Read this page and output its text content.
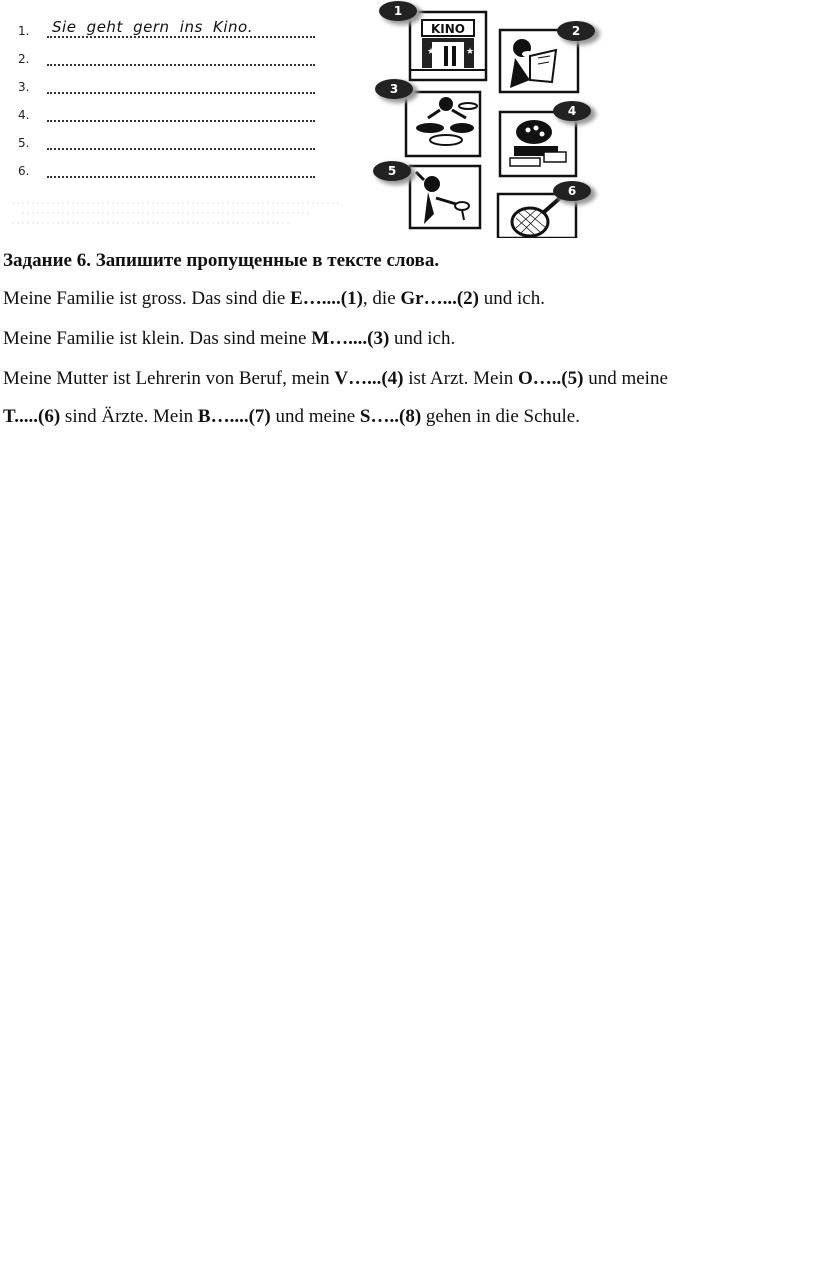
1. Sie geht gern ins Kino.
2.
3.
4.
5.
6.
KINO
★	★
1
2
3
4
5
6
Задание 6. Запишите пропущенные в тексте слова.
Meine Familie ist gross. Das sind die E…....(1), die Gr…...(2) und ich.
Meine Familie ist klein. Das sind meine M…....(3) und ich.
Meine Mutter ist Lehrerin von Beruf, mein V…...(4) ist Arzt. Mein O…..(5) und meine
T.....(6) sind Ärzte. Mein B…....(7) und meine S…..(8) gehen in die Schule.
